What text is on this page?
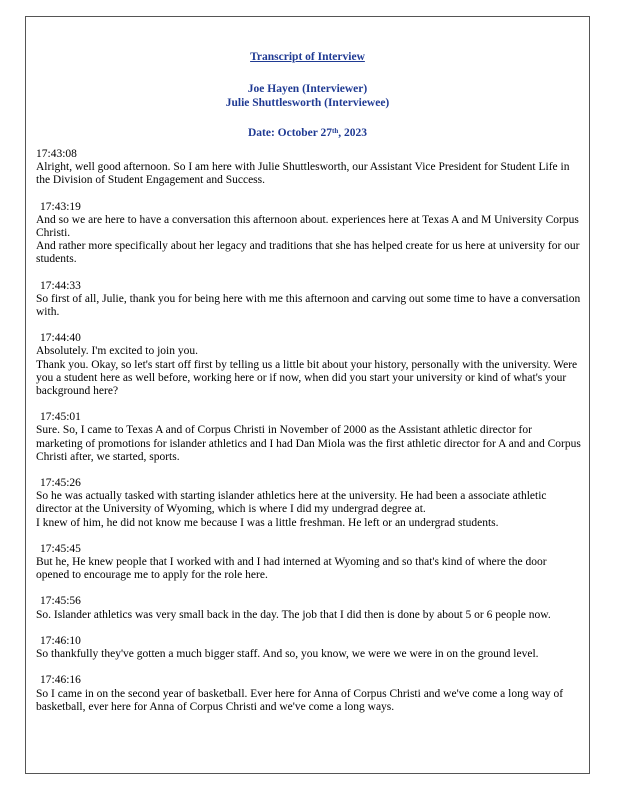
Transcript of Interview
Joe Hayen (Interviewer)
Julie Shuttlesworth (Interviewee)
Date: October 27th, 2023
17:43:08
Alright, well good afternoon. So I am here with Julie Shuttlesworth, our Assistant Vice President for Student Life in the Division of Student Engagement and Success.
17:43:19
And so we are here to have a conversation this afternoon about. experiences here at Texas A and M University Corpus Christi.
And rather more specifically about her legacy and traditions that she has helped create for us here at university for our students.
17:44:33
So first of all, Julie, thank you for being here with me this afternoon and carving out some time to have a conversation with.
17:44:40
Absolutely. I'm excited to join you.
Thank you. Okay, so let's start off first by telling us a little bit about your history, personally with the university. Were you a student here as well before, working here or if now, when did you start your university or kind of what's your background here?
17:45:01
Sure. So, I came to Texas A and of Corpus Christi in November of 2000 as the Assistant athletic director for marketing of promotions for islander athletics and I had Dan Miola was the first athletic director for A and and Corpus Christi after, we started, sports.
17:45:26
So he was actually tasked with starting islander athletics here at the university. He had been a associate athletic director at the University of Wyoming, which is where I did my undergrad degree at.
I knew of him, he did not know me because I was a little freshman. He left or an undergrad students.
17:45:45
But he, He knew people that I worked with and I had interned at Wyoming and so that's kind of where the door opened to encourage me to apply for the role here.
17:45:56
So. Islander athletics was very small back in the day. The job that I did then is done by about 5 or 6 people now.
17:46:10
So thankfully they've gotten a much bigger staff. And so, you know, we were we were in on the ground level.
17:46:16
So I came in on the second year of basketball. Ever here for Anna of Corpus Christi and we've come a long way of basketball, ever here for Anna of Corpus Christi and we've come a long ways.
